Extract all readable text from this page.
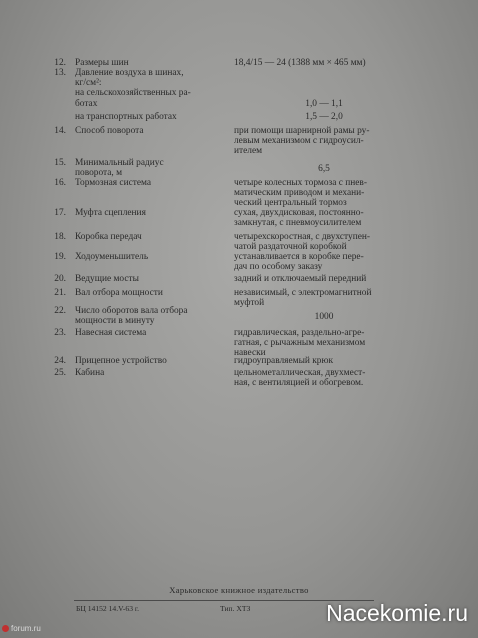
12. Размеры шин	18,4/15 — 24 (1388 мм × 465 мм)
13. Давление воздуха в шинах,
кг/см²:
на сельскохозяйственных ра-
ботах	1,0 — 1,1
на транспортных работах	1,5 — 2,0
14. Способ поворота	при помощи шарнирной рамы ру-
левым механизмом с гидроусил-
ителем
15. Минимальный радиус
поворота, м	6,5
16. Тормозная система	четыре колесных тормоза с пнев-
матическим приводом и механи-
ческий центральный тормоз
17. Муфта сцепления	сухая, двухдисковая, постоянно-
замкнутая, с пневмоусилителем
18. Коробка передач	четырехскоростная, с двухступен-
чатой раздаточной коробкой
19. Ходоуменьшитель	устанавливается в коробке пере-
дач по особому заказу
20. Ведущие мосты	задний и отключаемый передний
21. Вал отбора мощности	независимый, с электромагнитной
муфтой
22. Число оборотов вала отбора
мощности в минуту	1000
23. Навесная система	гидравлическая, раздельно-агре-
гатная, с рычажным механизмом
навески
24. Прицепное устройство	гидроуправляемый крюк
25. Кабина	цельнометаллическая, двухмест-
ная, с вентиляцией и обогревом.
Харьковское книжное издательство
БЦ 14152 14.V-63 г.	Тип. ХТЗ
forum.ru
Nacekomie.ru
